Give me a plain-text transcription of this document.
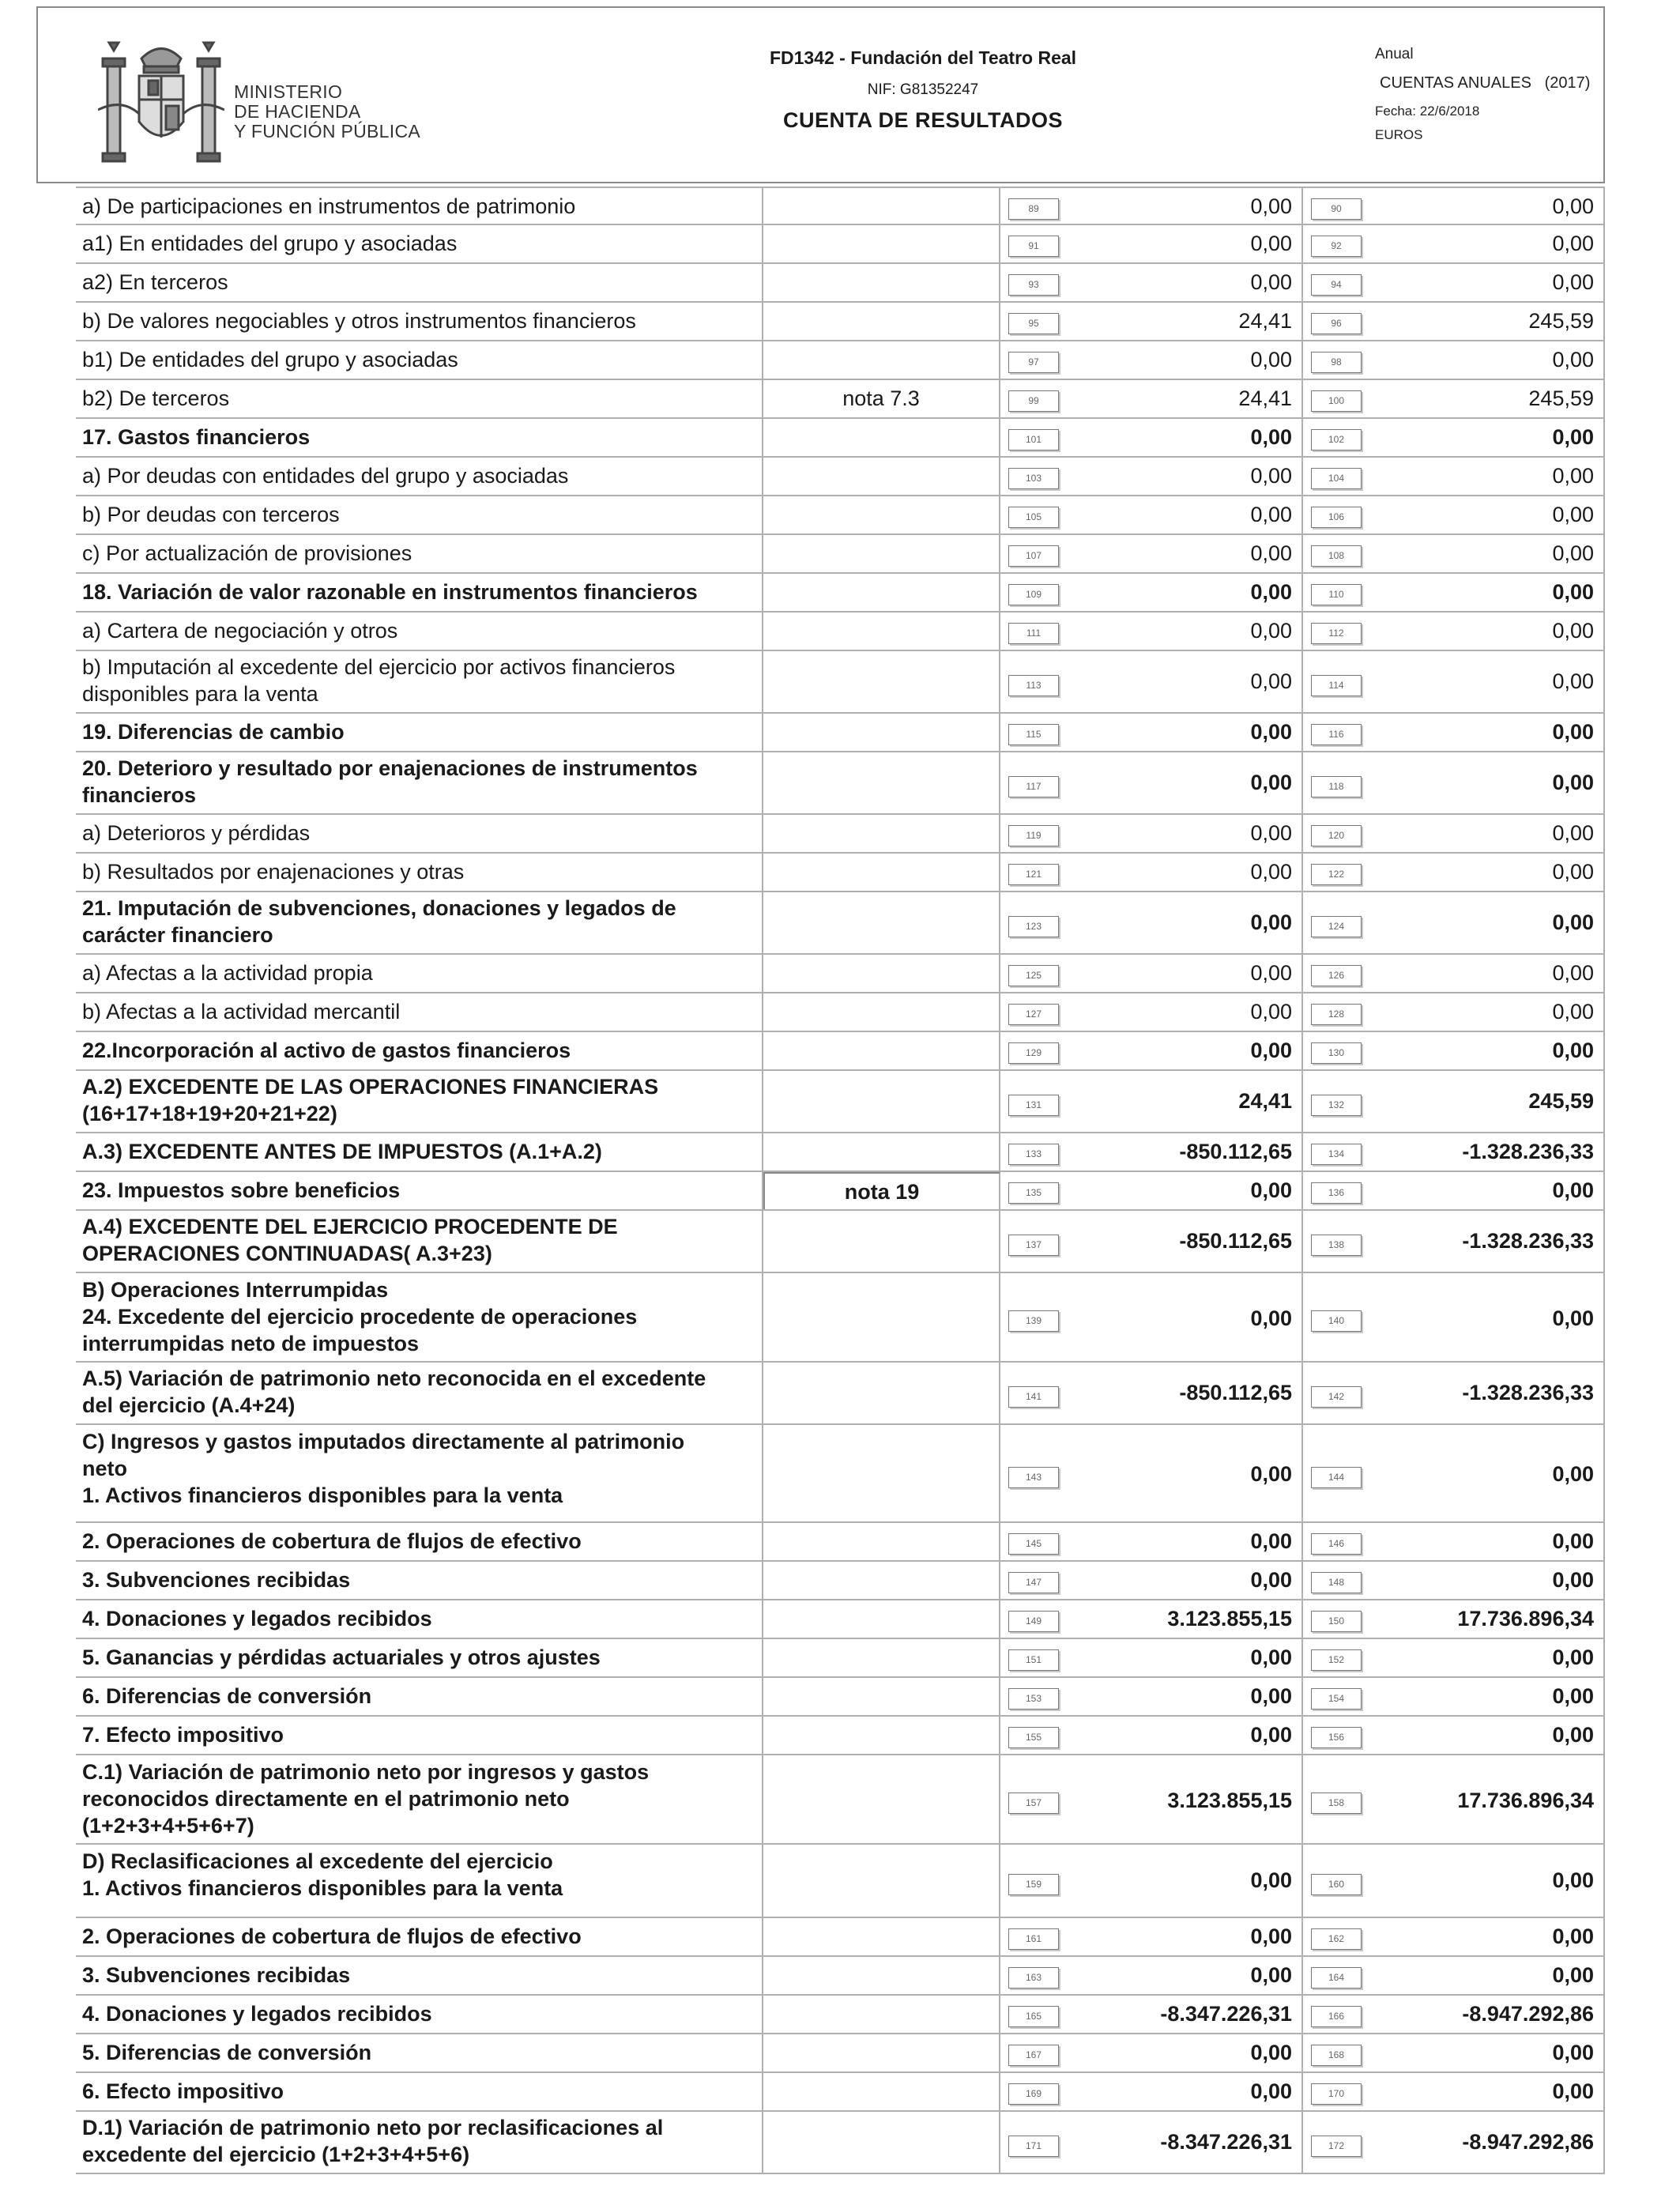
MINISTERIO
DE HACIENDA
Y FUNCIÓN PÚBLICA
FD1342 - Fundación del Teatro Real
NIF: G81352247
CUENTA DE RESULTADOS
Anual
CUENTAS ANUALES   (2017)
Fecha: 22/6/2018
EUROS
a) De participaciones en instrumentos de patrimonio	89	0,00	90	0,00
a1) En entidades del grupo y asociadas	91	0,00	92	0,00
a2) En terceros	93	0,00	94	0,00
b) De valores negociables y otros instrumentos financieros	95	24,41	96	245,59
b1) De entidades del grupo y asociadas	97	0,00	98	0,00
b2) De terceros	nota 7.3	99	24,41	100	245,59
17. Gastos financieros	101	0,00	102	0,00
a) Por deudas con entidades del grupo y asociadas	103	0,00	104	0,00
b) Por deudas con terceros	105	0,00	106	0,00
c) Por actualización de provisiones	107	0,00	108	0,00
18. Variación de valor razonable en instrumentos financieros	109	0,00	110	0,00
a) Cartera de negociación y otros	111	0,00	112	0,00
b) Imputación al excedente del ejercicio por activos financieros
disponibles para la venta	113	0,00	114	0,00
19. Diferencias de cambio	115	0,00	116	0,00
20. Deterioro y resultado por enajenaciones de instrumentos
financieros	117	0,00	118	0,00
a) Deterioros y pérdidas	119	0,00	120	0,00
b) Resultados por enajenaciones y otras	121	0,00	122	0,00
21. Imputación de subvenciones, donaciones y legados de
carácter financiero	123	0,00	124	0,00
a) Afectas a la actividad propia	125	0,00	126	0,00
b) Afectas a la actividad mercantil	127	0,00	128	0,00
22.Incorporación al activo de gastos financieros	129	0,00	130	0,00
A.2) EXCEDENTE DE LAS OPERACIONES FINANCIERAS
(16+17+18+19+20+21+22)	131	24,41	132	245,59
A.3) EXCEDENTE ANTES DE IMPUESTOS (A.1+A.2)	133	-850.112,65	134	-1.328.236,33
23. Impuestos sobre beneficios	nota 19	135	0,00	136	0,00
A.4) EXCEDENTE DEL EJERCICIO PROCEDENTE DE
OPERACIONES CONTINUADAS( A.3+23)	137	-850.112,65	138	-1.328.236,33
B) Operaciones Interrumpidas
24. Excedente del ejercicio procedente de operaciones
interrumpidas neto de impuestos
139	0,00	140	0,00
A.5) Variación de patrimonio neto reconocida en el excedente
del ejercicio (A.4+24)	141	-850.112,65	142	-1.328.236,33
C) Ingresos y gastos imputados directamente al patrimonio
neto
1. Activos financieros disponibles para la venta
143	0,00	144	0,00
2. Operaciones de cobertura de flujos de efectivo	145	0,00	146	0,00
3. Subvenciones recibidas	147	0,00	148	0,00
4. Donaciones y legados recibidos	149	3.123.855,15	150	17.736.896,34
5. Ganancias y pérdidas actuariales y otros ajustes	151	0,00	152	0,00
6. Diferencias de conversión	153	0,00	154	0,00
7. Efecto impositivo	155	0,00	156	0,00
C.1) Variación de patrimonio neto por ingresos y gastos
reconocidos directamente en el patrimonio neto
(1+2+3+4+5+6+7)
157	3.123.855,15	158	17.736.896,34
D) Reclasificaciones al excedente del ejercicio
1. Activos financieros disponibles para la venta	159	0,00	160	0,00
2. Operaciones de cobertura de flujos de efectivo	161	0,00	162	0,00
3. Subvenciones recibidas	163	0,00	164	0,00
4. Donaciones y legados recibidos	165	-8.347.226,31	166	-8.947.292,86
5. Diferencias de conversión	167	0,00	168	0,00
6. Efecto impositivo	169	0,00	170	0,00
D.1) Variación de patrimonio neto por reclasificaciones al
excedente del ejercicio (1+2+3+4+5+6)	171	-8.347.226,31	172	-8.947.292,86
